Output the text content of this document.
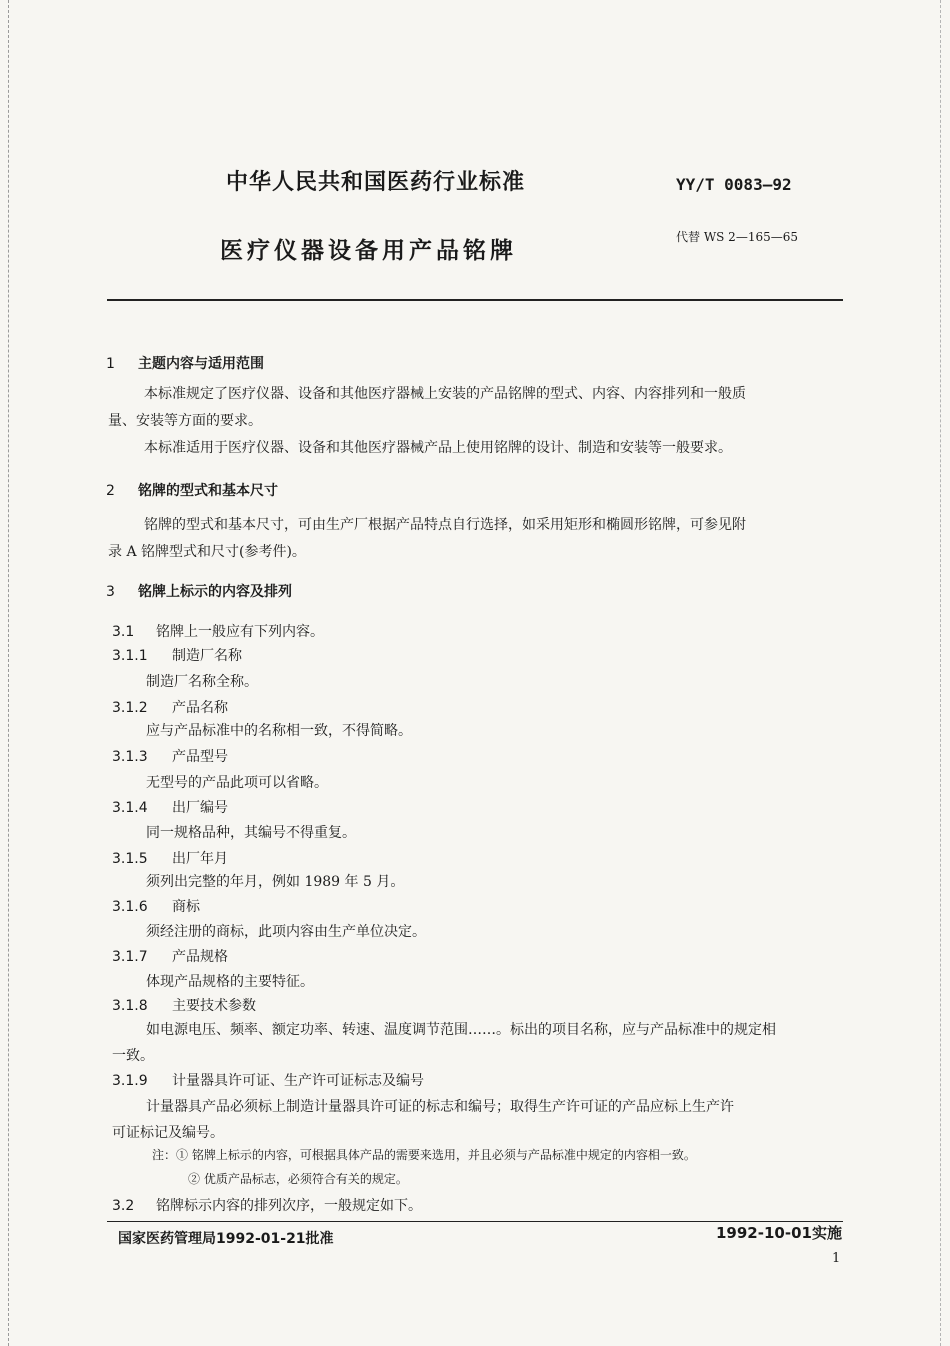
中华人民共和国医药行业标准	YY/T 0083—92
医疗仪器设备用产品铭牌
代替 WS 2—165—65
1 主题内容与适用范围
本标准规定了医疗仪器、设备和其他医疗器械上安装的产品铭牌的型式、内容、内容排列和一般质
量、安装等方面的要求。
本标准适用于医疗仪器、设备和其他医疗器械产品上使用铭牌的设计、制造和安装等一般要求。
2 铭牌的型式和基本尺寸
铭牌的型式和基本尺寸，可由生产厂根据产品特点自行选择，如采用矩形和椭圆形铭牌，可参见附
录 A 铭牌型式和尺寸(参考件)。
3 铭牌上标示的内容及排列
3.1 铭牌上一般应有下列内容。
3.1.1 制造厂名称
制造厂名称全称。
3.1.2 产品名称
应与产品标准中的名称相一致，不得简略。
3.1.3 产品型号
无型号的产品此项可以省略。
3.1.4 出厂编号
同一规格品种，其编号不得重复。
3.1.5 出厂年月
须列出完整的年月，例如 1989 年 5 月。
3.1.6 商标
须经注册的商标，此项内容由生产单位决定。
3.1.7 产品规格
体现产品规格的主要特征。
3.1.8 主要技术参数
如电源电压、频率、额定功率、转速、温度调节范围……。标出的项目名称，应与产品标准中的规定相
一致。
3.1.9 计量器具许可证、生产许可证标志及编号
计量器具产品必须标上制造计量器具许可证的标志和编号；取得生产许可证的产品应标上生产许
可证标记及编号。
注：① 铭牌上标示的内容，可根据具体产品的需要来选用，并且必须与产品标准中规定的内容相一致。
② 优质产品标志，必须符合有关的规定。
3.2 铭牌标示内容的排列次序，一般规定如下。
国家医药管理局1992-01-21批准	1992-10-01实施
1
